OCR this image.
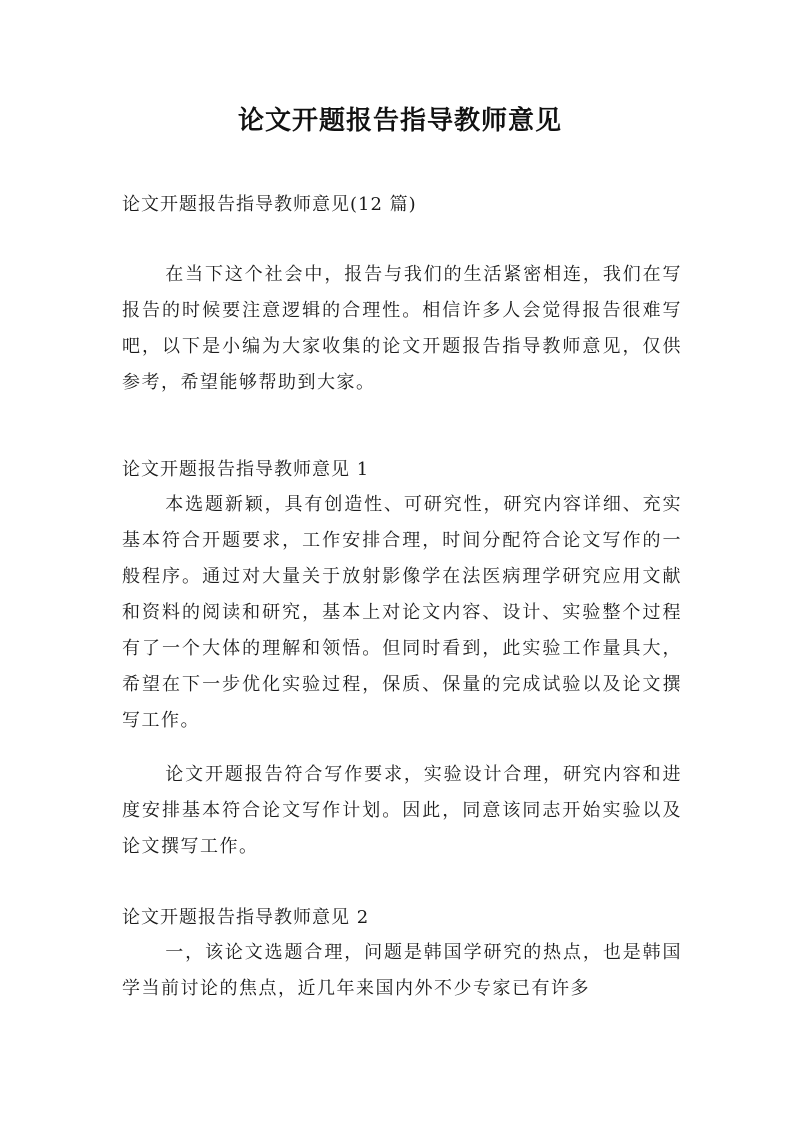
论文开题报告指导教师意见
论文开题报告指导教师意见(12 篇)
在当下这个社会中，报告与我们的生活紧密相连，我们在写报告的时候要注意逻辑的合理性。相信许多人会觉得报告很难写吧，以下是小编为大家收集的论文开题报告指导教师意见，仅供参考，希望能够帮助到大家。
论文开题报告指导教师意见 1
本选题新颖，具有创造性、可研究性，研究内容详细、充实基本符合开题要求，工作安排合理，时间分配符合论文写作的一般程序。通过对大量关于放射影像学在法医病理学研究应用文献和资料的阅读和研究，基本上对论文内容、设计、实验整个过程有了一个大体的理解和领悟。但同时看到，此实验工作量具大，希望在下一步优化实验过程，保质、保量的完成试验以及论文撰写工作。
论文开题报告符合写作要求，实验设计合理，研究内容和进度安排基本符合论文写作计划。因此，同意该同志开始实验以及论文撰写工作。
论文开题报告指导教师意见 2
一，该论文选题合理，问题是韩国学研究的热点，也是韩国学当前讨论的焦点，近几年来国内外不少专家已有许多
